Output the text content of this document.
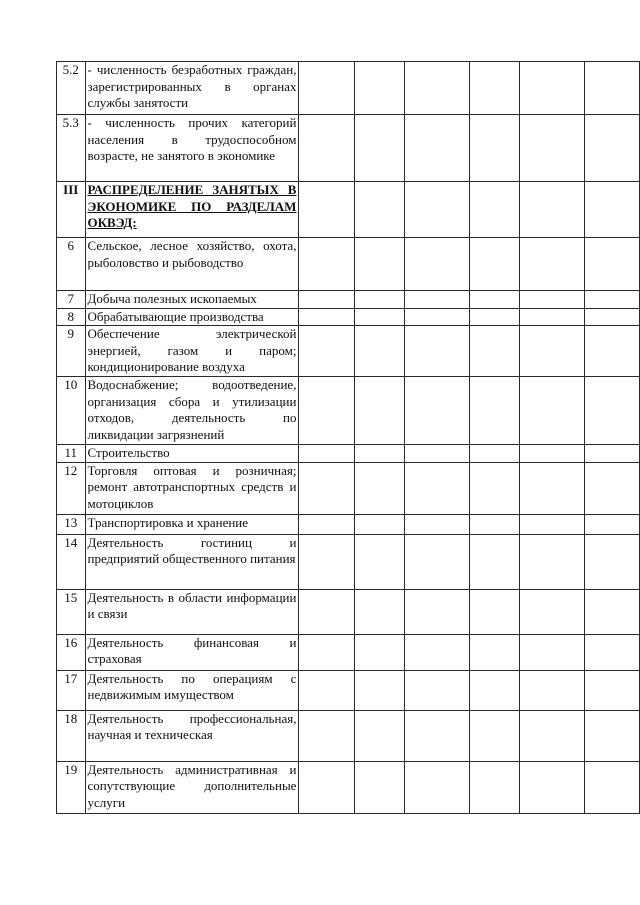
5.2	- численность безработных граждан, зарегистрированных в органах службы занятости						
5.3	- численность прочих категорий населения в трудоспособном возрасте, не занятого в экономике						
III	РАСПРЕДЕЛЕНИЕ ЗАНЯТЫХ В ЭКОНОМИКЕ ПО РАЗДЕЛАМ ОКВЭД:						
6	Сельское, лесное хозяйство, охота, рыболовство и рыбоводство						
7	Добыча полезных ископаемых						
8	Обрабатывающие производства						
9	Обеспечение электрической энергией, газом и паром; кондиционирование воздуха						
10	Водоснабжение; водоотведение, организация сбора и утилизации отходов, деятельность по ликвидации загрязнений						
11	Строительство						
12	Торговля оптовая и розничная; ремонт автотранспортных средств и мотоциклов						
13	Транспортировка и хранение						
14	Деятельность гостиниц и предприятий общественного питания						
15	Деятельность в области информации и связи						
16	Деятельность финансовая и страховая						
17	Деятельность по операциям с недвижимым имуществом						
18	Деятельность профессиональная, научная и техническая						
19	Деятельность административная и сопутствующие дополнительные услуги						
